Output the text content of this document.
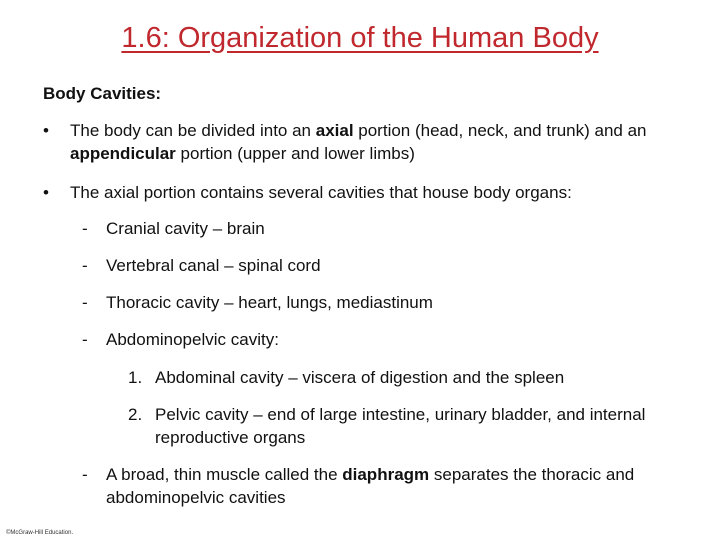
1.6: Organization of the Human Body
Body Cavities:
•	The body can be divided into an axial portion (head, neck, and trunk) and an appendicular portion (upper and lower limbs)
•	The axial portion contains several cavities that house body organs:
-	Cranial cavity – brain
-	Vertebral canal – spinal cord
-	Thoracic cavity – heart, lungs, mediastinum
-	Abdominopelvic cavity:
1. Abdominal cavity – viscera of digestion and the spleen
2. Pelvic cavity – end of large intestine, urinary bladder, and internal reproductive organs
-	A broad, thin muscle called the diaphragm separates the thoracic and abdominopelvic cavities
©McGraw-Hill Education.
